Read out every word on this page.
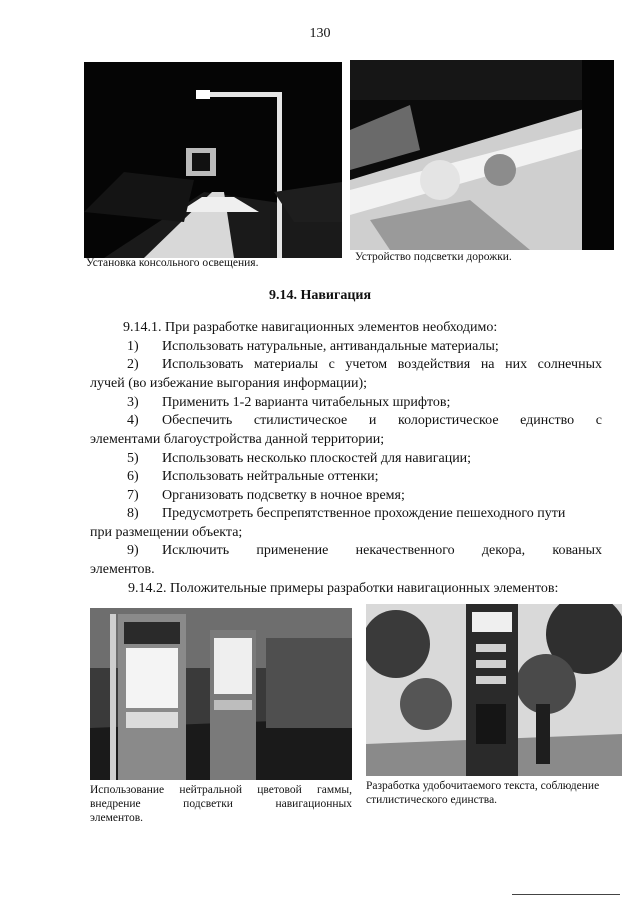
130
Установка консольного освещения.	Устройство подсветки дорожки.
9.14. Навигация
9.14.1. При разработке навигационных элементов необходимо:
1) Использовать натуральные, антивандальные материалы;
2) Использовать материалы с учетом воздействия на них солнечных
лучей (во избежание выгорания информации);
3) Применить 1-2 варианта читабельных шрифтов;
4) Обеспечить стилистическое и колористическое единство с
элементами благоустройства данной территории;
5) Использовать несколько плоскостей для навигации;
6) Использовать нейтральные оттенки;
7) Организовать подсветку в ночное время;
8) Предусмотреть беспрепятственное прохождение пешеходного пути
при размещении объекта;
9) Исключить применение некачественного декора, кованых
элементов.
9.14.2. Положительные примеры разработки навигационных элементов:
Использование нейтральной цветовой гаммы,
внедрение подсветки навигационных
элементов.
Разработка удобочитаемого текста, соблюдение
стилистического единства.
